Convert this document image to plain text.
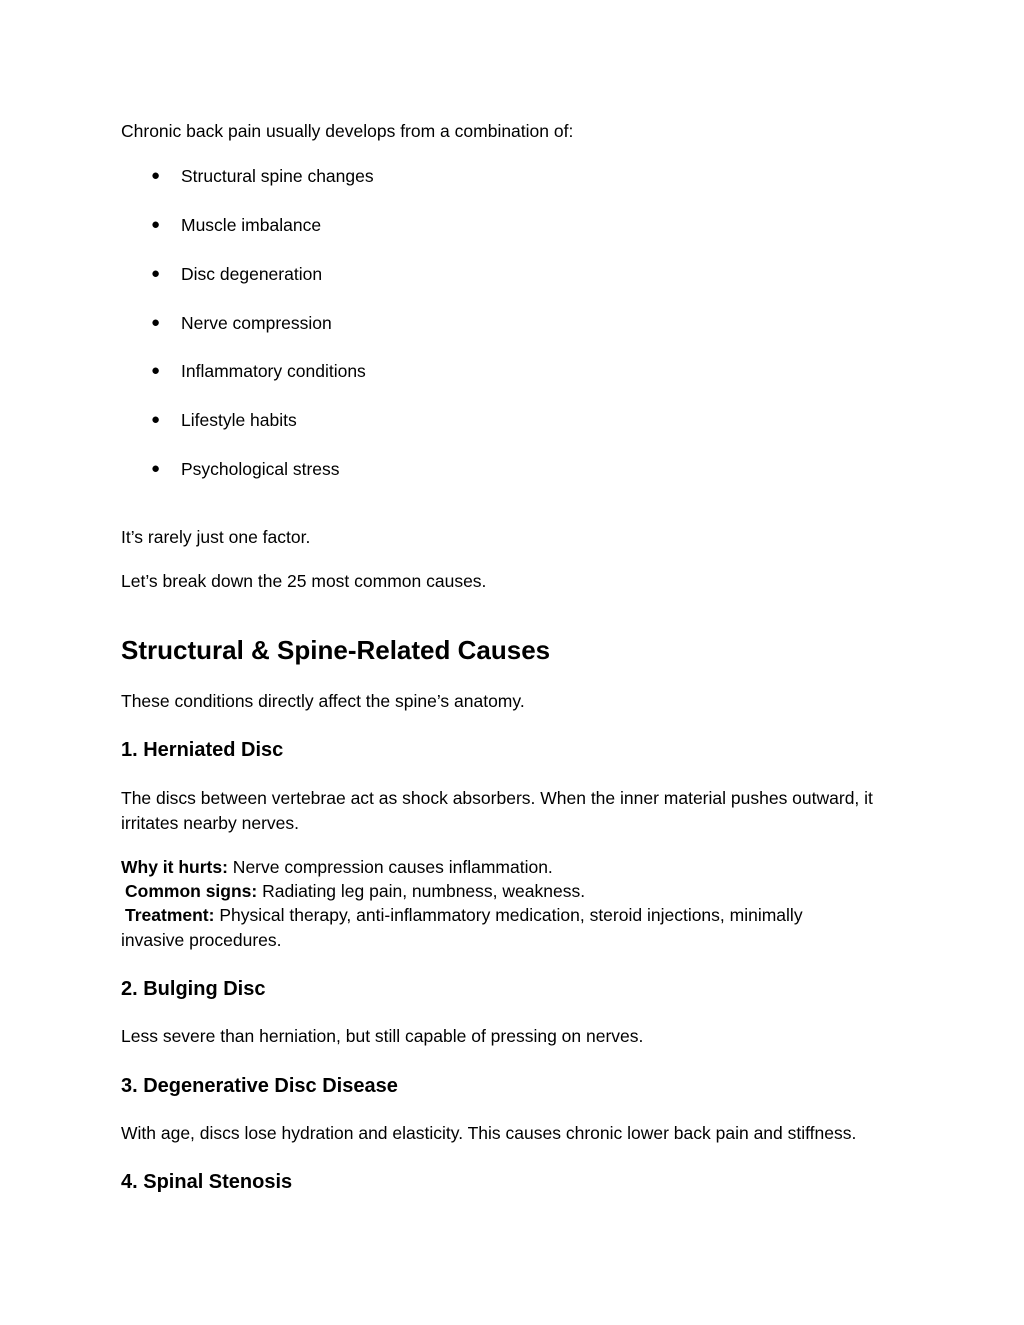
Chronic back pain usually develops from a combination of:

● Structural spine changes
● Muscle imbalance
● Disc degeneration
● Nerve compression
● Inflammatory conditions
● Lifestyle habits
● Psychological stress

It’s rarely just one factor.

Let’s break down the 25 most common causes.

Structural & Spine-Related Causes

These conditions directly affect the spine’s anatomy.

1. Herniated Disc

The discs between vertebrae act as shock absorbers. When the inner material pushes outward, it irritates nearby nerves.

Why it hurts: Nerve compression causes inflammation.

Common signs: Radiating leg pain, numbness, weakness.

Treatment: Physical therapy, anti-inflammatory medication, steroid injections, minimally invasive procedures.

2. Bulging Disc

Less severe than herniation, but still capable of pressing on nerves.

3. Degenerative Disc Disease

With age, discs lose hydration and elasticity. This causes chronic lower back pain and stiffness.

4. Spinal Stenosis
